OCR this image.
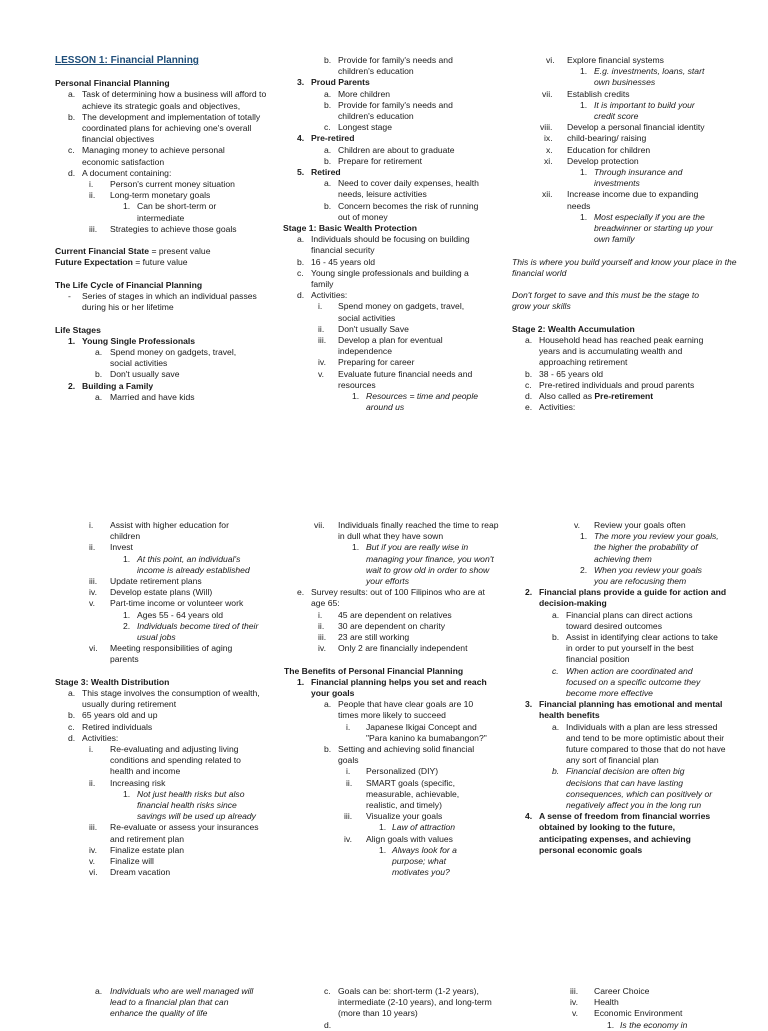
LESSON 1: Financial Planning
Personal Financial Planning
a. Task of determining how a business will afford to achieve its strategic goals and objectives,
b. The development and implementation of totally coordinated plans for achieving one's overall financial objectives
c. Managing money to achieve personal economic satisfaction
d. A document containing:
i. Person's current money situation
ii. Long-term monetary goals
1. Can be short-term or intermediate
iii. Strategies to achieve those goals
Current Financial State = present value
Future Expectation = future value
The Life Cycle of Financial Planning
- Series of stages in which an individual passes during his or her lifetime
Life Stages
1. Young Single Professionals
a. Spend money on gadgets, travel, social activities
b. Don't usually save
2. Building a Family
a. Married and have kids
b. Provide for family's needs and children's education
3. Proud Parents
a. More children
b. Provide for family's needs and children's education
c. Longest stage
4. Pre-retired
a. Children are about to graduate
b. Prepare for retirement
5. Retired
a. Need to cover daily expenses, health needs, leisure activities
b. Concern becomes the risk of running out of money
Stage 1: Basic Wealth Protection
a. Individuals should be focusing on building financial security
b. 16 - 45 years old
c. Young single professionals and building a family
d. Activities:
i. Spend money on gadgets, travel, social activities
ii. Don't usually Save
iii. Develop a plan for eventual independence
iv. Preparing for career
v. Evaluate future financial needs and resources
1. Resources = time and people around us
vi. Explore financial systems
1. E.g. investments, loans, start own businesses
vii. Establish credits
1. It is important to build your credit score
viii. Develop a personal financial identity
ix. child-bearing/ raising
x. Education for children
xi. Develop protection
1. Through insurance and investments
xii. Increase income due to expanding needs
1. Most especially if you are the breadwinner or starting up your own family
This is where you build yourself and know your place in the financial world
Don't forget to save and this must be the stage to grow your skills
Stage 2: Wealth Accumulation
a. Household head has reached peak earning years and is accumulating wealth and approaching retirement
b. 38 - 65 years old
c. Pre-retired individuals and proud parents
d. Also called as Pre-retirement
e. Activities:
i. Assist with higher education for children
ii. Invest
1. At this point, an individual's income is already established
iii. Update retirement plans
iv. Develop estate plans (Will)
v. Part-time income or volunteer work
1. Ages 55 - 64 years old
2. Individuals become tired of their usual jobs
vi. Meeting responsibilities of aging parents
Stage 3: Wealth Distribution
a. This stage involves the consumption of wealth, usually during retirement
b. 65 years old and up
c. Retired individuals
d. Activities:
i. Re-evaluating and adjusting living conditions and spending related to health and income
ii. Increasing risk
1. Not just health risks but also financial health risks since savings will be used up already
iii. Re-evaluate or assess your insurances and retirement plan
iv. Finalize estate plan
v. Finalize will
vi. Dream vacation
vii. Individuals finally reached the time to reap in dull what they have sown
1. But if you are really wise in managing your finance, you won't wait to grow old in order to show your efforts
e. Survey results: out of 100 Filipinos who are at age 65:
i. 45 are dependent on relatives
ii. 30 are dependent on charity
iii. 23 are still working
iv. Only 2 are financially independent
The Benefits of Personal Financial Planning
1. Financial planning helps you set and reach your goals
a. People that have clear goals are 10 times more likely to succeed
i. Japanese Ikigai Concept and "Para kanino ka bumabangon?"
b. Setting and achieving solid financial goals
i. Personalized (DIY)
ii. SMART goals (specific, measurable, achievable, realistic, and timely)
iii. Visualize your goals
1. Law of attraction
iv. Align goals with values
1. Always look for a purpose; what motivates you?
v. Review your goals often
1. The more you review your goals, the higher the probability of achieving them
2. When you review your goals you are refocusing them
2. Financial plans provide a guide for action and decision-making
a. Financial plans can direct actions toward desired outcomes
b. Assist in identifying clear actions to take in order to put yourself in the best financial position
c. When action are coordinated and focused on a specific outcome they become more effective
3. Financial planning has emotional and mental health benefits
a. Individuals with a plan are less stressed and tend to be more optimistic about their future compared to those that do not have any sort of financial plan
b. Financial decision are often big decisions that can have lasting consequences, which can positively or negatively affect you in the long run
4. A sense of freedom from financial worries obtained by looking to the future, anticipating expenses, and achieving personal economic goals
a. Individuals who are well managed will lead to a financial plan that can enhance the quality of life
c. Goals can be: short-term (1-2 years), intermediate (2-10 years), and long-term (more than 10 years)
d.
iii. Career Choice
iv. Health
v. Economic Environment
1. Is the economy in
